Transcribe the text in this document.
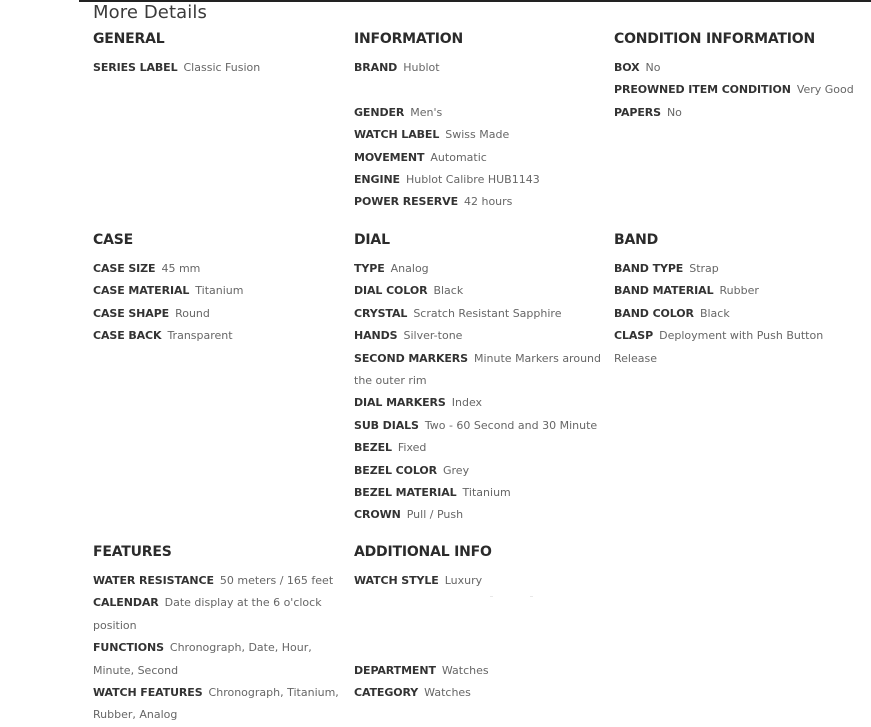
More Details
GENERAL
SERIES LABEL Classic Fusion
INFORMATION
BRAND Hublot
GENDER Men's
WATCH LABEL Swiss Made
MOVEMENT Automatic
ENGINE Hublot Calibre HUB1143
POWER RESERVE 42 hours
CONDITION INFORMATION
BOX No
PREOWNED ITEM CONDITION Very Good
PAPERS No
CASE
CASE SIZE 45 mm
CASE MATERIAL Titanium
CASE SHAPE Round
CASE BACK Transparent
DIAL
TYPE Analog
DIAL COLOR Black
CRYSTAL Scratch Resistant Sapphire
HANDS Silver-tone
SECOND MARKERS Minute Markers around the outer rim
DIAL MARKERS Index
SUB DIALS Two - 60 Second and 30 Minute
BEZEL Fixed
BEZEL COLOR Grey
BEZEL MATERIAL Titanium
CROWN Pull / Push
BAND
BAND TYPE Strap
BAND MATERIAL Rubber
BAND COLOR Black
CLASP Deployment with Push Button Release
FEATURES
WATER RESISTANCE 50 meters / 165 feet
CALENDAR Date display at the 6 o'clock position
FUNCTIONS Chronograph, Date, Hour, Minute, Second
WATCH FEATURES Chronograph, Titanium, Rubber, Analog
ADDITIONAL INFO
WATCH STYLE Luxury
DEPARTMENT Watches
CATEGORY Watches
